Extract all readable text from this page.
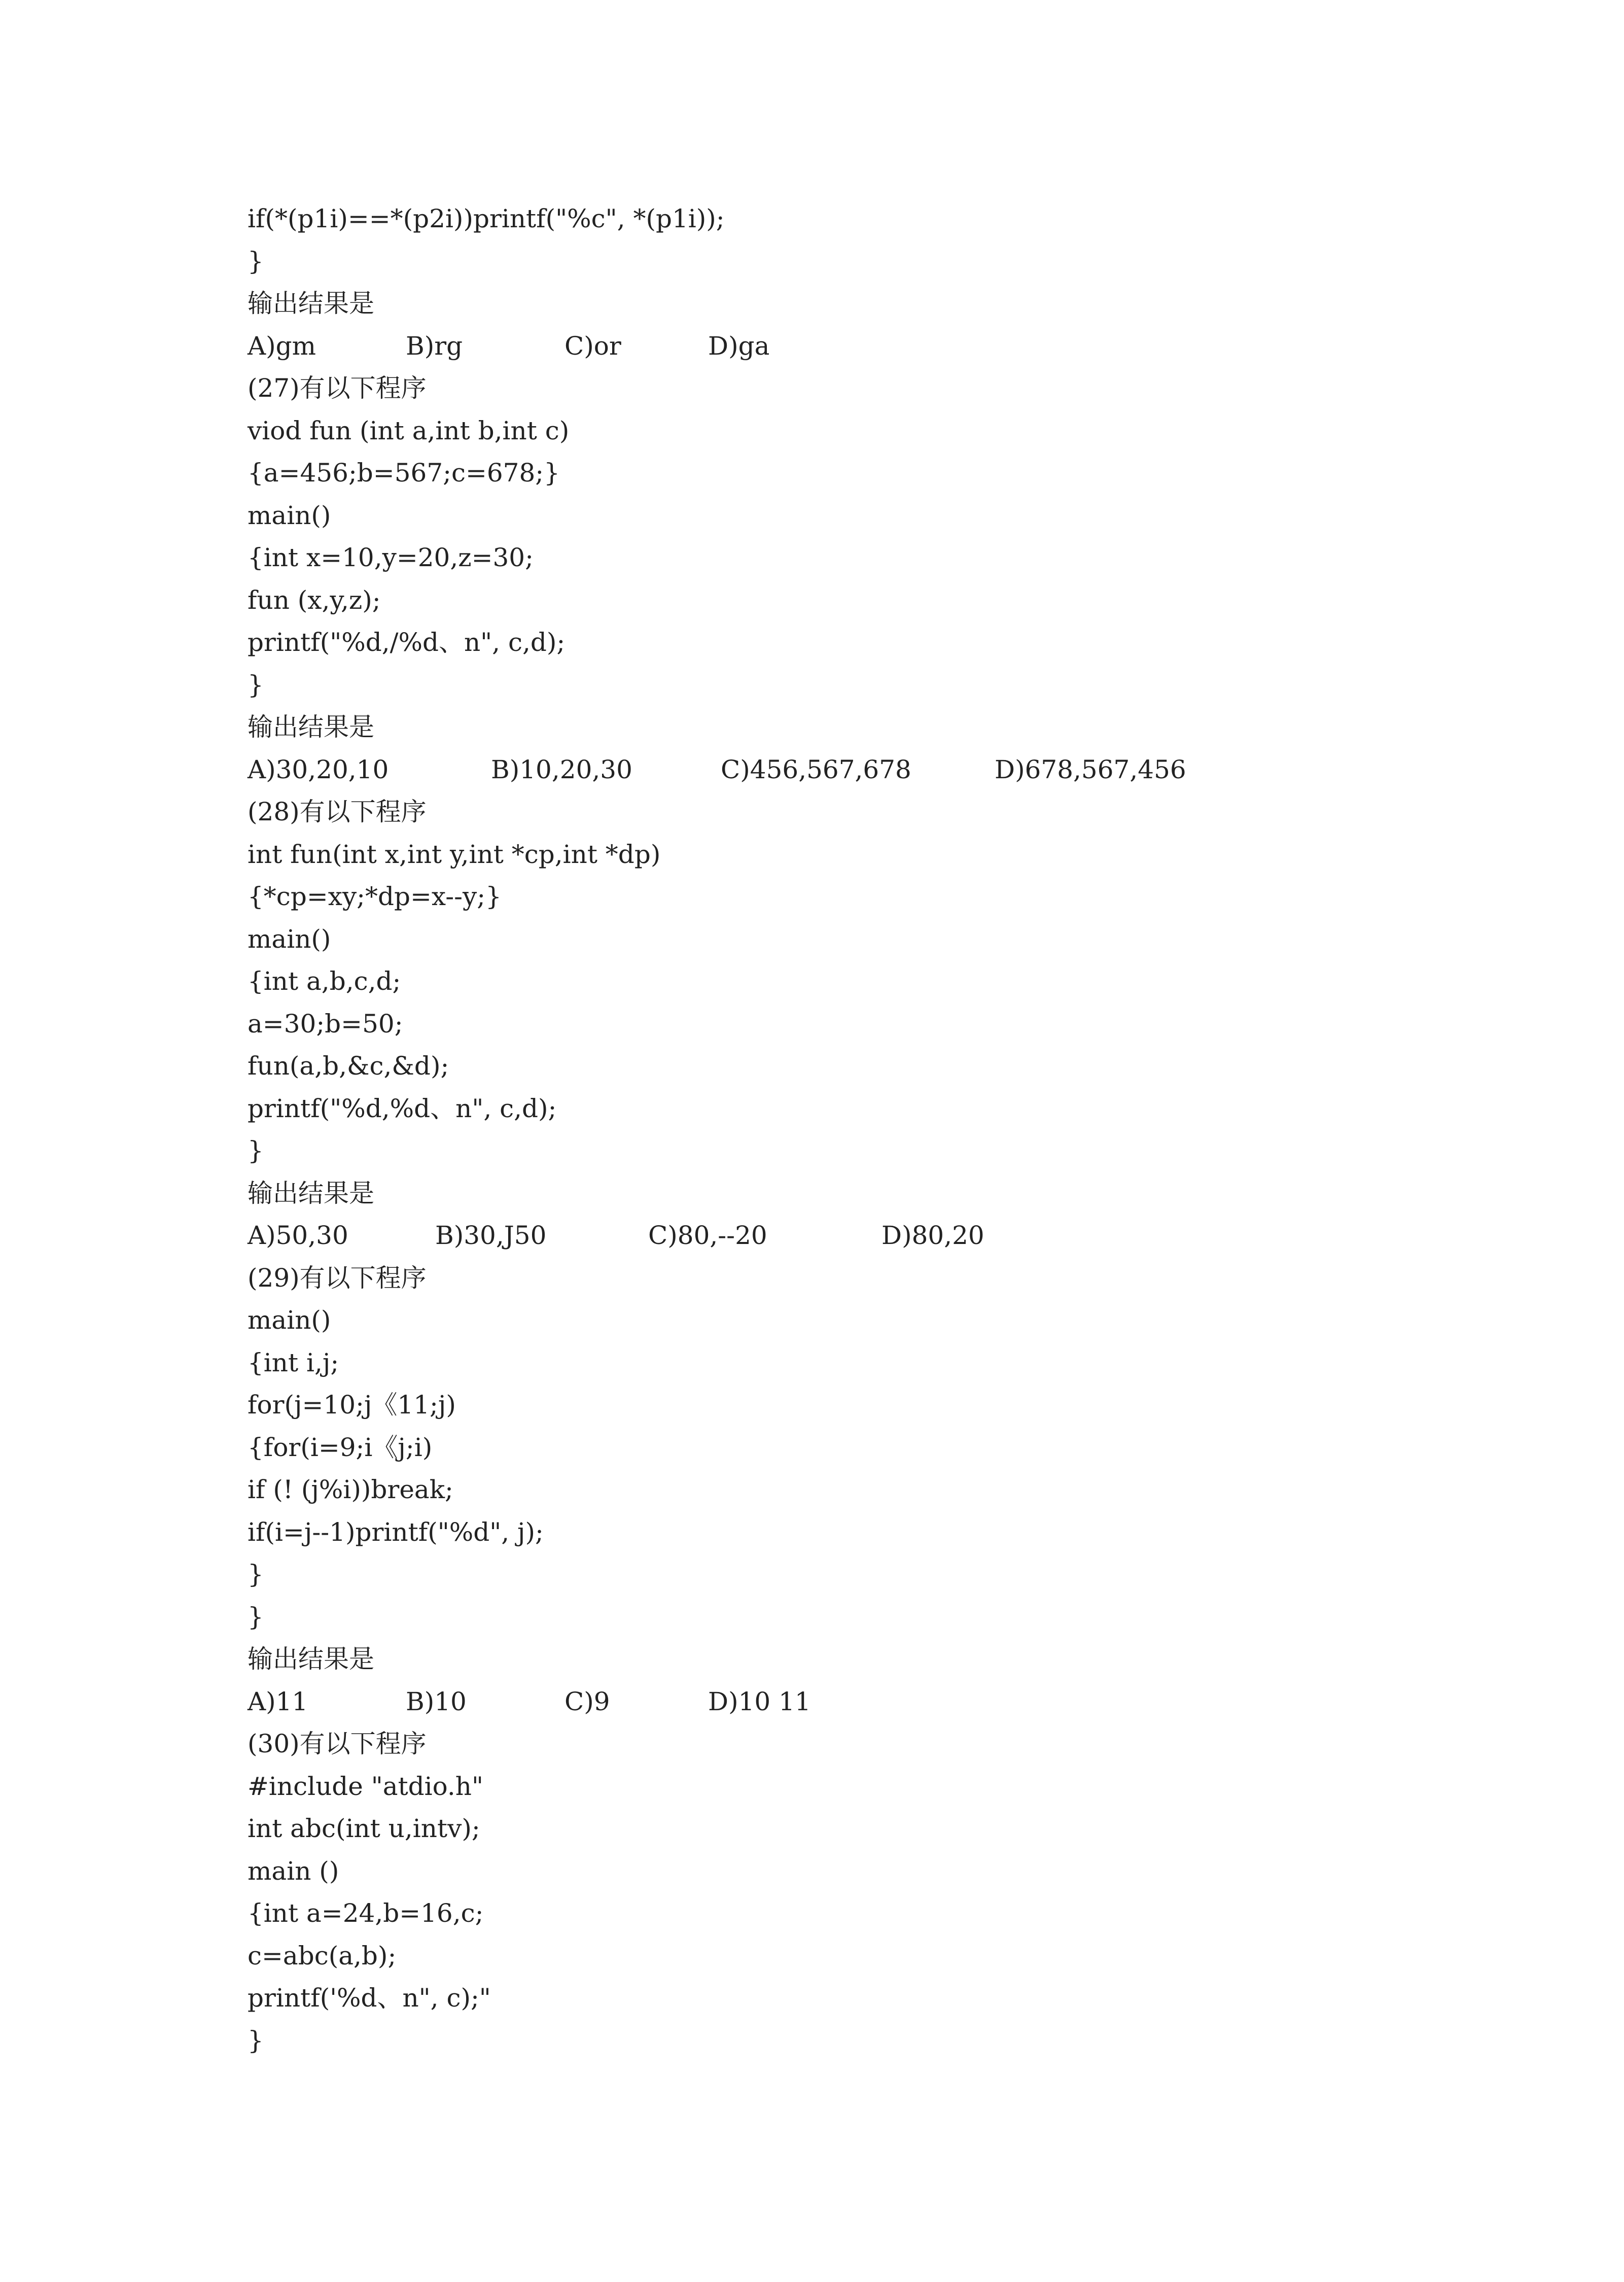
if(*(p1i)==*(p2i))printf("%c", *(p1i));
}
输出结果是
A)gm	B)rg	C)or	D)ga
(27)有以下程序
viod fun (int a,int b,int c)
{a=456;b=567;c=678;}
main()
{int x=10,y=20,z=30;
fun (x,y,z);
printf("%d,/%d、n", c,d);
}
输出结果是
A)30,20,10	B)10,20,30	C)456,567,678	D)678,567,456
(28)有以下程序
int fun(int x,int y,int *cp,int *dp)
{*cp=xy;*dp=x--y;}
main()
{int a,b,c,d;
a=30;b=50;
fun(a,b,&c,&d);
printf("%d,%d、n", c,d);
}
输出结果是
A)50,30	B)30,J50	C)80,--20	D)80,20
(29)有以下程序
main()
{int i,j;
for(j=10;j《11;j)
{for(i=9;i《j;i)
if (! (j%i))break;
if(i=j--1)printf("%d", j);
}
}
输出结果是
A)11	B)10	C)9	D)10 11
(30)有以下程序
#include "atdio.h"
int abc(int u,intv);
main ()
{int a=24,b=16,c;
c=abc(a,b);
printf('%d、n", c);"
}
